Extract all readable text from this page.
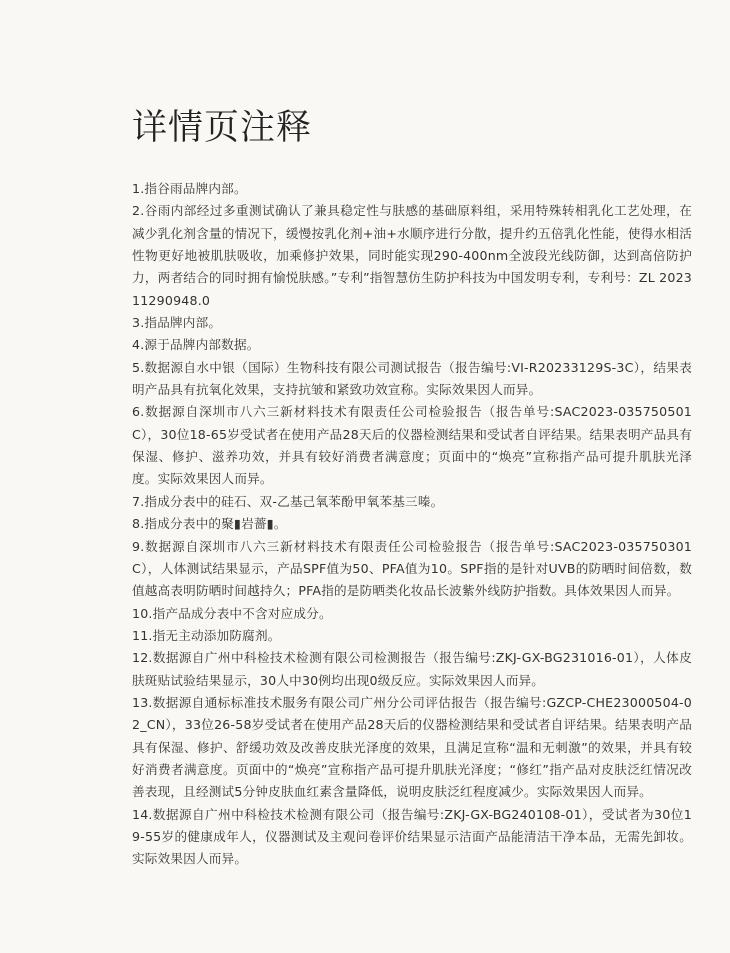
详情页注释
1.指谷雨品牌内部。
2.谷雨内部经过多重测试确认了兼具稳定性与肤感的基础原料组，采用特殊转相乳化工艺处理，在减少乳化剂含量的情况下，缓慢按乳化剂+油+水顺序进行分散，提升约五倍乳化性能，使得水相活性物更好地被肌肤吸收，加乘修护效果，同时能实现290-400nm全波段光线防御，达到高倍防护力，两者结合的同时拥有愉悦肤感。”专利”指智慧仿生防护科技为中国发明专利，专利号：ZL 202311290948.0
3.指品牌内部。
4.源于品牌内部数据。
5.数据源自水中银（国际）生物科技有限公司测试报告（报告编号:VI-R20233129S-3C），结果表明产品具有抗氧化效果，支持抗皱和紧致功效宣称。实际效果因人而异。
6.数据源自深圳市八六三新材料技术有限责任公司检验报告（报告单号:SAC2023-035750501C），30位18-65岁受试者在使用产品28天后的仪器检测结果和受试者自评结果。结果表明产品具有保湿、修护、滋养功效，并具有较好消费者满意度；页面中的“焕亮”宣称指产品可提升肌肤光泽度。实际效果因人而异。
7.指成分表中的硅石、双-乙基己氧苯酚甲氧苯基三嗪。
8.指成分表中的聚▮岩薔▮。
9.数据源自深圳市八六三新材料技术有限责任公司检验报告（报告单号:SAC2023-035750301C），人体测试结果显示，产品SPF值为50、PFA值为10。SPF指的是针对UVB的防晒时间倍数，数值越高表明防晒时间越持久；PFA指的是防晒类化妆品长波紫外线防护指数。具体效果因人而异。
10.指产品成分表中不含对应成分。
11.指无主动添加防腐剂。
12.数据源自广州中科检技术检测有限公司检测报告（报告编号:ZKJ-GX-BG231016-01），人体皮肤斑贴试验结果显示，30人中30例均出现0级反应。实际效果因人而异。
13.数据源自通标标准技术服务有限公司广州分公司评估报告（报告编号:GZCP-CHE23000504-02_CN），33位26-58岁受试者在使用产品28天后的仪器检测结果和受试者自评结果。结果表明产品具有保湿、修护、舒缓功效及改善皮肤光泽度的效果，且满足宣称“温和无刺激”的效果，并具有较好消费者满意度。页面中的“焕亮”宣称指产品可提升肌肤光泽度；“修红”指产品对皮肤泛红情况改善表现，且经测试5分钟皮肤血红素含量降低，说明皮肤泛红程度减少。实际效果因人而异。
14.数据源自广州中科检技术检测有限公司（报告编号:ZKJ-GX-BG240108-01），受试者为30位19-55岁的健康成年人，仪器测试及主观问卷评价结果显示洁面产品能清洁干净本品，无需先卸妆。实际效果因人而异。
